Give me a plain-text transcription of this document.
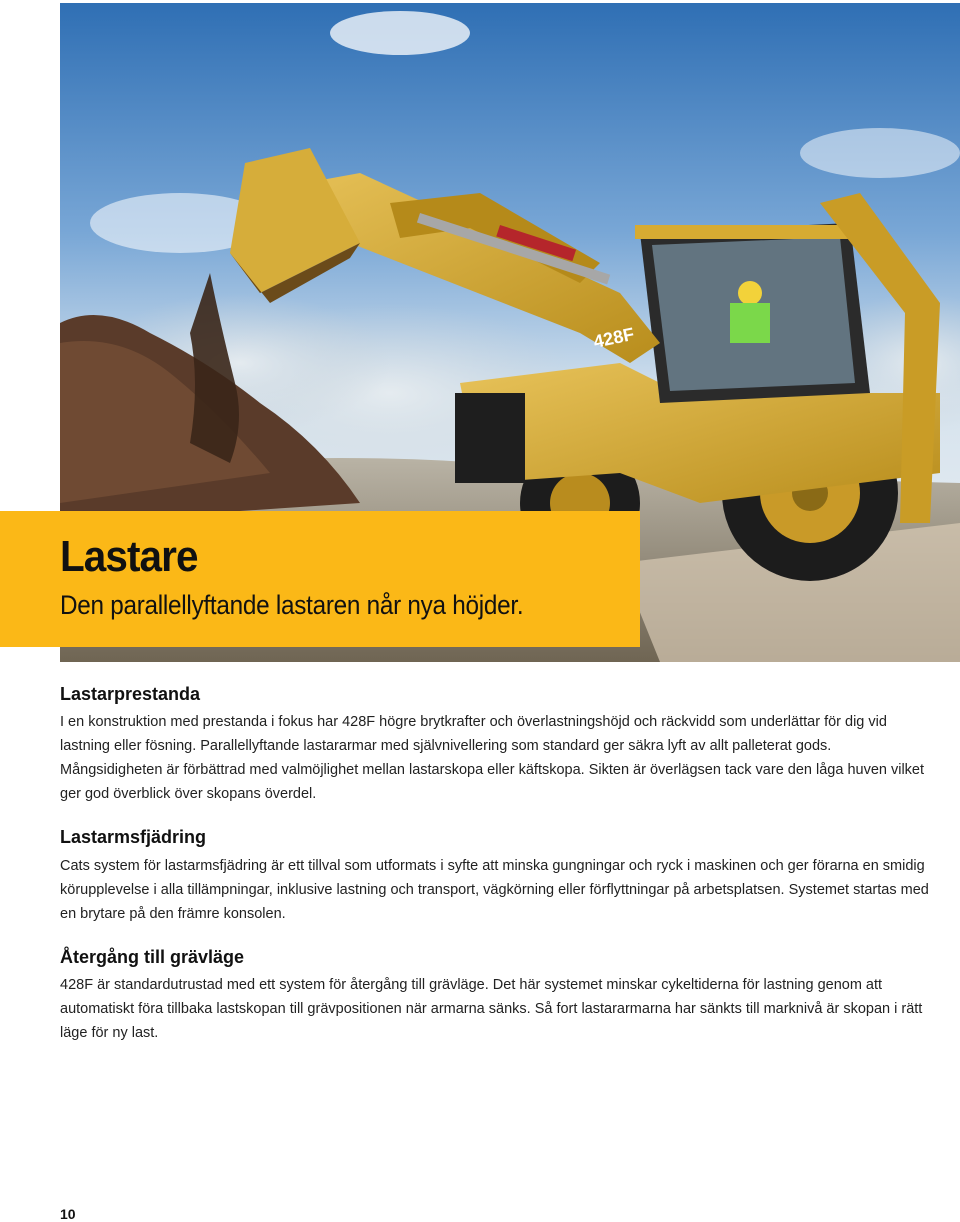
428F
Lastare

Den parallellyftande lastaren når nya höjder.

Lastarprestanda

I en konstruktion med prestanda i fokus har 428F högre brytkrafter och överlastningshöjd och räckvidd som underlättar för dig vid lastning eller fösning. Parallellyftande lastararmar med självnivellering som standard ger säkra lyft av allt palleterat gods. Mångsidigheten är förbättrad med valmöjlighet mellan lastarskopa eller käftskopa. Sikten är överlägsen tack vare den låga huven vilket ger god överblick över skopans överdel.

Lastarmsfjädring

Cats system för lastarmsfjädring är ett tillval som utformats i syfte att minska gungningar och ryck i maskinen och ger förarna en smidig körupplevelse i alla tillämpningar, inklusive lastning och transport, vägkörning eller förflyttningar på arbetsplatsen. Systemet startas med en brytare på den främre konsolen.

Återgång till grävläge

428F är standardutrustad med ett system för återgång till grävläge. Det här systemet minskar cykeltiderna för lastning genom att automatiskt föra tillbaka lastskopan till grävpositionen när armarna sänks. Så fort lastararmarna har sänkts till marknivå är skopan i rätt läge för ny last.

10
